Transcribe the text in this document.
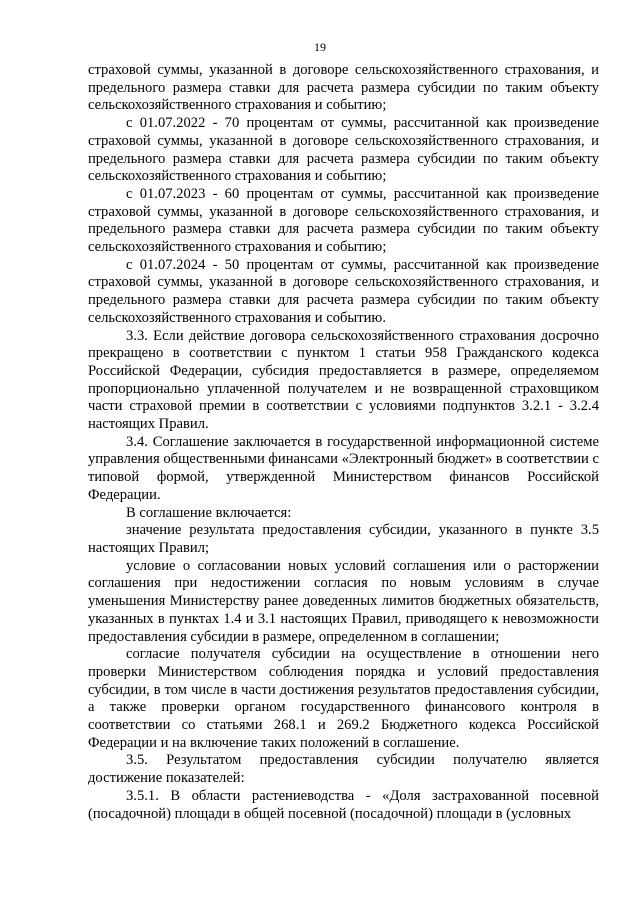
19

страховой суммы, указанной в договоре сельскохозяйственного страхования, и предельного размера ставки для расчета размера субсидии по таким объекту сельскохозяйственного страхования и событию;

с 01.07.2022 - 70 процентам от суммы, рассчитанной как произведение страховой суммы, указанной в договоре сельскохозяйственного страхования, и предельного размера ставки для расчета размера субсидии по таким объекту сельскохозяйственного страхования и событию;

с 01.07.2023 - 60 процентам от суммы, рассчитанной как произведение страховой суммы, указанной в договоре сельскохозяйственного страхования, и предельного размера ставки для расчета размера субсидии по таким объекту сельскохозяйственного страхования и событию;

с 01.07.2024 - 50 процентам от суммы, рассчитанной как произведение страховой суммы, указанной в договоре сельскохозяйственного страхования, и предельного размера ставки для расчета размера субсидии по таким объекту сельскохозяйственного страхования и событию.

3.3. Если действие договора сельскохозяйственного страхования досрочно прекращено в соответствии с пунктом 1 статьи 958 Гражданского кодекса Российской Федерации, субсидия предоставляется в размере, определяемом пропорционально уплаченной получателем и не возвращенной страховщиком части страховой премии в соответствии с условиями подпунктов 3.2.1 - 3.2.4 настоящих Правил.

3.4. Соглашение заключается в государственной информационной системе управления общественными финансами «Электронный бюджет» в соответствии с типовой формой, утвержденной Министерством финансов Российской Федерации.

В соглашение включается:

значение результата предоставления субсидии, указанного в пункте 3.5 настоящих Правил;

условие о согласовании новых условий соглашения или о расторжении соглашения при недостижении согласия по новым условиям в случае уменьшения Министерству ранее доведенных лимитов бюджетных обязательств, указанных в пунктах 1.4 и 3.1 настоящих Правил, приводящего к невозможности предоставления субсидии в размере, определенном в соглашении;

согласие получателя субсидии на осуществление в отношении него проверки Министерством соблюдения порядка и условий предоставления субсидии, в том числе в части достижения результатов предоставления субсидии, а также проверки органом государственного финансового контроля в соответствии со статьями 268.1 и 269.2 Бюджетного кодекса Российской Федерации и на включение таких положений в соглашение.

3.5. Результатом предоставления субсидии получателю является достижение показателей:

3.5.1. В области растениеводства - «Доля застрахованной посевной (посадочной) площади в общей посевной (посадочной) площади в (условных
